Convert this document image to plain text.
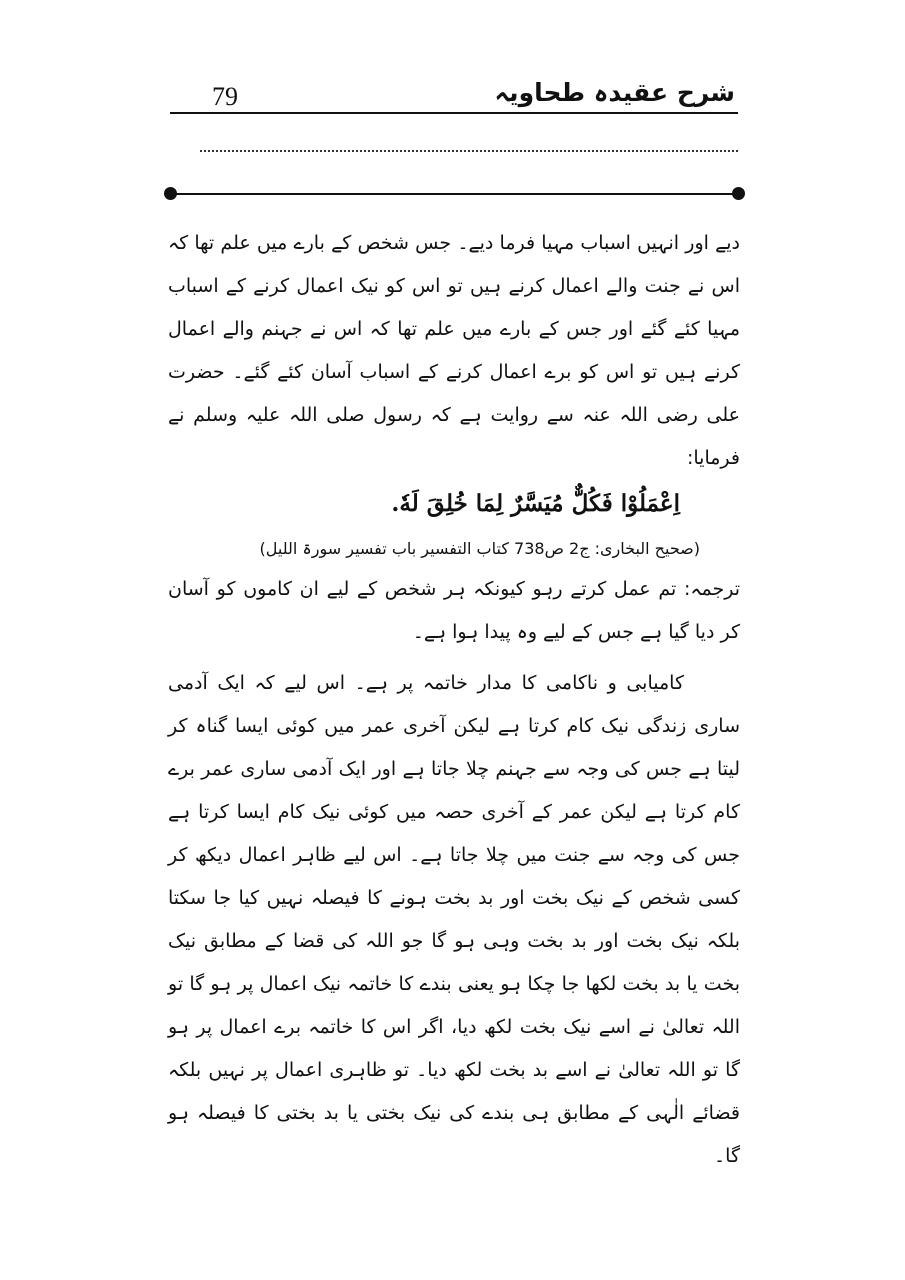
79	شرح عقیدہ طحاویہ

دیے اور انہیں اسباب مہیا فرما دیے۔ جس شخص کے بارے میں علم تھا کہ اس نے جنت والے اعمال کرنے ہیں تو اس کو نیک اعمال کرنے کے اسباب مہیا کئے گئے اور جس کے بارے میں علم تھا کہ اس نے جہنم والے اعمال کرنے ہیں تو اس کو برے اعمال کرنے کے اسباب آسان کئے گئے۔ حضرت علی رضی اللہ عنہ سے روایت ہے کہ رسول صلی اللہ علیہ وسلم نے فرمایا:

اِعْمَلُوْا فَكُلٌّ مُيَسَّرٌ لِمَا خُلِقَ لَهٗ.

(صحیح البخاری: ج2 ص738 کتاب التفسیر باب تفسیر سورۃ اللیل)

ترجمہ: تم عمل کرتے رہو کیونکہ ہر شخص کے لیے ان کاموں کو آسان کر دیا گیا ہے جس کے لیے وہ پیدا ہوا ہے۔

کامیابی و ناکامی کا مدار خاتمہ پر ہے۔ اس لیے کہ ایک آدمی ساری زندگی نیک کام کرتا ہے لیکن آخری عمر میں کوئی ایسا گناہ کر لیتا ہے جس کی وجہ سے جہنم چلا جاتا ہے اور ایک آدمی ساری عمر برے کام کرتا ہے لیکن عمر کے آخری حصہ میں کوئی نیک کام ایسا کرتا ہے جس کی وجہ سے جنت میں چلا جاتا ہے۔ اس لیے ظاہر اعمال دیکھ کر کسی شخص کے نیک بخت اور بد بخت ہونے کا فیصلہ نہیں کیا جا سکتا بلکہ نیک بخت اور بد بخت وہی ہو گا جو اللہ کی قضا کے مطابق نیک بخت یا بد بخت لکھا جا چکا ہو یعنی بندے کا خاتمہ نیک اعمال پر ہو گا تو اللہ تعالیٰ نے اسے نیک بخت لکھ دیا، اگر اس کا خاتمہ برے اعمال پر ہو گا تو اللہ تعالیٰ نے اسے بد بخت لکھ دیا۔ تو ظاہری اعمال پر نہیں بلکہ قضائے الٰہی کے مطابق ہی بندے کی نیک بختی یا بد بختی کا فیصلہ ہو گا۔
